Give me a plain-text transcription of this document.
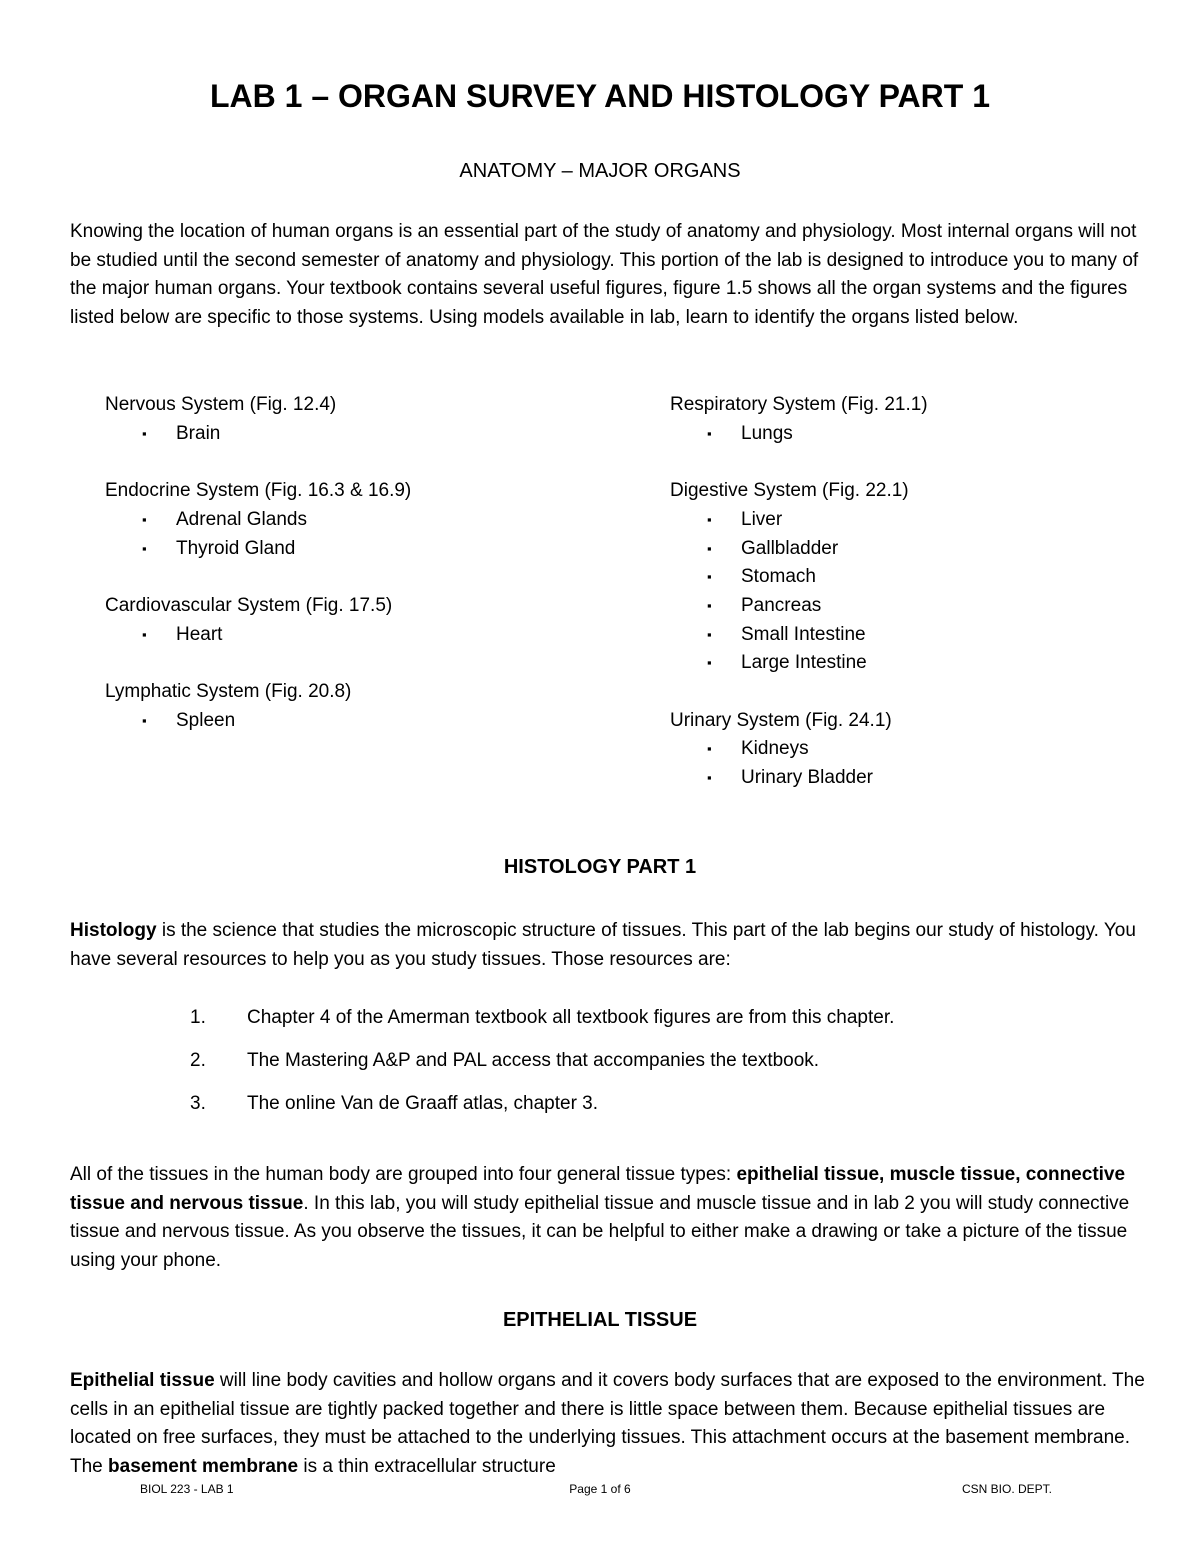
LAB 1 – ORGAN SURVEY AND HISTOLOGY PART 1
ANATOMY – MAJOR ORGANS
Knowing the location of human organs is an essential part of the study of anatomy and physiology. Most internal organs will not be studied until the second semester of anatomy and physiology. This portion of the lab is designed to introduce you to many of the major human organs. Your textbook contains several useful figures, figure 1.5 shows all the organ systems and the figures listed below are specific to those systems. Using models available in lab, learn to identify the organs listed below.
Nervous System (Fig. 12.4)
▪ Brain
Endocrine System (Fig. 16.3 & 16.9)
▪ Adrenal Glands
▪ Thyroid Gland
Cardiovascular System (Fig. 17.5)
▪ Heart
Lymphatic System (Fig. 20.8)
▪ Spleen
Respiratory System (Fig. 21.1)
▪ Lungs
Digestive System (Fig. 22.1)
▪ Liver
▪ Gallbladder
▪ Stomach
▪ Pancreas
▪ Small Intestine
▪ Large Intestine
Urinary System (Fig. 24.1)
▪ Kidneys
▪ Urinary Bladder
HISTOLOGY PART 1
Histology is the science that studies the microscopic structure of tissues. This part of the lab begins our study of histology. You have several resources to help you as you study tissues. Those resources are:
1. Chapter 4 of the Amerman textbook all textbook figures are from this chapter.
2. The Mastering A&P and PAL access that accompanies the textbook.
3. The online Van de Graaff atlas, chapter 3.
All of the tissues in the human body are grouped into four general tissue types: epithelial tissue, muscle tissue, connective tissue and nervous tissue. In this lab, you will study epithelial tissue and muscle tissue and in lab 2 you will study connective tissue and nervous tissue. As you observe the tissues, it can be helpful to either make a drawing or take a picture of the tissue using your phone.
EPITHELIAL TISSUE
Epithelial tissue will line body cavities and hollow organs and it covers body surfaces that are exposed to the environment. The cells in an epithelial tissue are tightly packed together and there is little space between them. Because epithelial tissues are located on free surfaces, they must be attached to the underlying tissues. This attachment occurs at the basement membrane. The basement membrane is a thin extracellular structure
BIOL 223 - LAB 1	Page 1 of 6	CSN BIO. DEPT.
